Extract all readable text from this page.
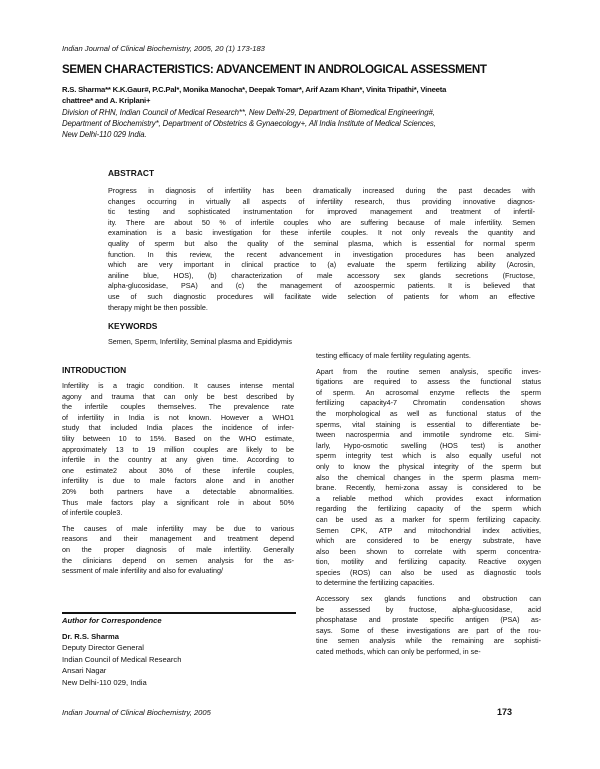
Indian Journal of Clinical Biochemistry, 2005, 20 (1) 173-183
SEMEN CHARACTERISTICS: ADVANCEMENT IN ANDROLOGICAL ASSESSMENT
R.S. Sharma** K.K.Gaur#, P.C.Pal*, Monika Manocha*, Deepak Tomar*, Arif Azam Khan*, Vinita Tripathi*, Vineeta
chattree* and A. Kriplani+
Division of RHN, Indian Council of Medical Research**, New Delhi-29, Department of Biomedical Engineering#,
Department of Biochemistry*, Department of Obstetrics & Gynaecology+, All India Institute of Medical Sciences,
New Delhi-110 029 India.
ABSTRACT
Progress in diagnosis of infertility has been dramatically increased during the past decades with
changes occurring in virtually all aspects of infertility research, thus providing innovative diagnos-
tic testing and sophisticated instrumentation for improved management and treatment of infertil-
ity. There are about 50 % of infertile couples who are suffering because of male infertility. Semen
examination is a basic investigation for these infertile couples. It not only reveals the quantity and
quality of sperm but also the quality of the seminal plasma, which is essential for normal sperm
function. In this review, the recent advancement in investigation procedures has been analyzed
which are very important in clinical practice to (a) evaluate the sperm fertilizing ability (Acrosin,
aniline blue, HOS), (b) characterization of male accessory sex glands secretions (Fructose,
alpha-glucosidase, PSA) and (c) the management of azoospermic patients. It is believed that
use of such diagnostic procedures will facilitate wide selection of patients for whom an effective
therapy might be then possible.
KEYWORDS
Semen, Sperm, Infertility, Seminal plasma and Epididymis
INTRODUCTION
Infertility is a tragic condition. It causes intense mental
agony and trauma that can only be best described by
the infertile couples themselves. The prevalence rate
of infertility in India is not known. However a WHO1
study that included India places the incidence of infer-
tility between 10 to 15%. Based on the WHO estimate,
approximately 13 to 19 million couples are likely to be
infertile in the country at any given time. According to
one estimate2 about 30% of these infertile couples,
infertility is due to male factors alone and in another
20% both partners have a detectable abnormalities.
Thus male factors play a significant role in about 50%
of infertile couple3.
The causes of male infertility may be due to various
reasons and their management and treatment depend
on the proper diagnosis of male infertility. Generally
the clinicians depend on semen analysis for the as-
sessment of male infertility and also for evaluating/
testing efficacy of male fertility regulating agents.
Apart from the routine semen analysis, specific inves-
tigations are required to assess the functional status
of sperm. An acrosomal enzyme reflects the sperm
fertilizing capacity4-7 Chromatin condensation shows
the morphological as well as functional status of the
sperms, vital staining is essential to differentiate be-
tween nacrospermia and immotile syndrome etc. Simi-
larly, Hypo-osmotic swelling (HOS test) is another
sperm integrity test which is also equally useful not
only to know the physical integrity of the sperm but
also the chemical changes in the sperm plasma mem-
brane. Recently, hemi-zona assay is considered to be
a reliable method which provides exact information
regarding the fertilizing capacity of the sperm which
can be used as a marker for sperm fertilizing capacity.
Semen CPK, ATP and mitochondrial index activities,
which are considered to be energy substrate, have
also been shown to correlate with sperm concentra-
tion, motility and fertilizing capacity. Reactive oxygen
species (ROS) can also be used as diagnostic tools
to determine the fertilizing capacities.
Accessory sex glands functions and obstruction can
be assessed by fructose, alpha-glucosidase, acid
phosphatase and prostate specific antigen (PSA) as-
says. Some of these investigations are part of the rou-
tine semen analysis while the remaining are sophisti-
cated methods, which can only be performed, in se-
Author for Correspondence
Dr. R.S. Sharma
Deputy Director General
Indian Council of Medical Research
Ansari Nagar
New Delhi-110 029, India
Indian Journal of Clinical Biochemistry, 2005	173
